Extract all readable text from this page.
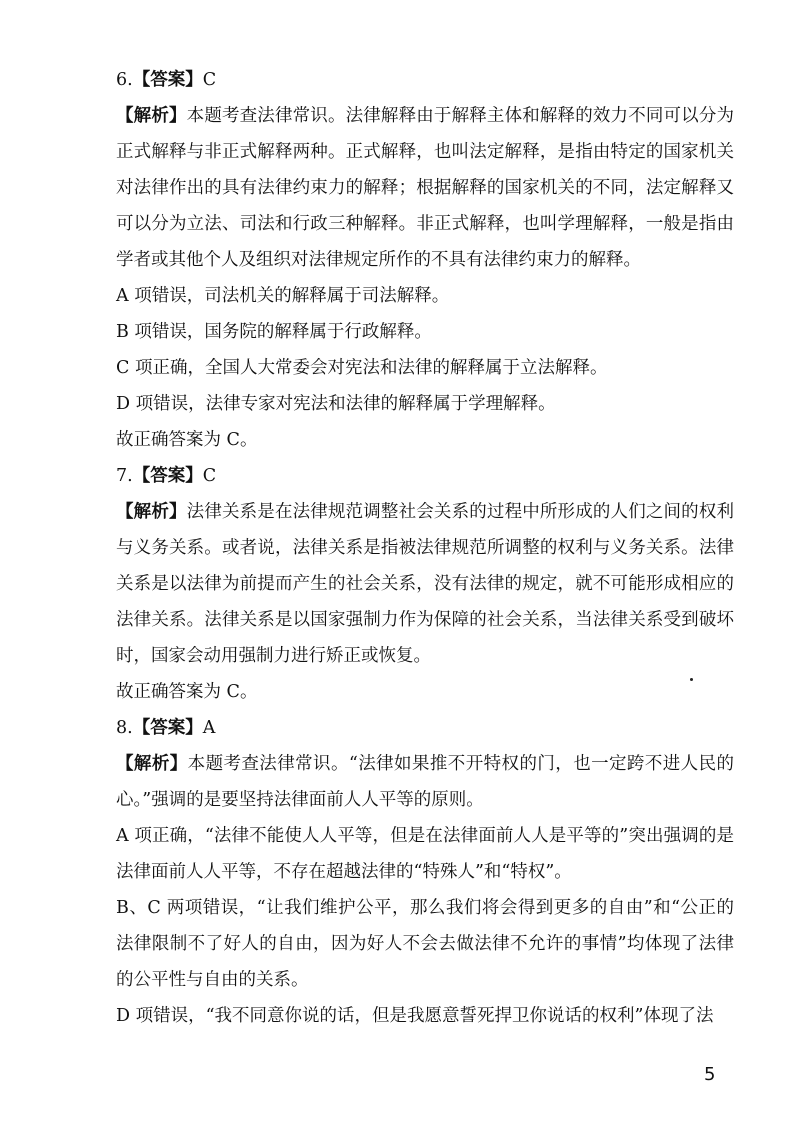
6.【答案】C

【解析】本题考查法律常识。法律解释由于解释主体和解释的效力不同可以分为正式解释与非正式解释两种。正式解释，也叫法定解释，是指由特定的国家机关对法律作出的具有法律约束力的解释；根据解释的国家机关的不同，法定解释又可以分为立法、司法和行政三种解释。非正式解释，也叫学理解释，一般是指由学者或其他个人及组织对法律规定所作的不具有法律约束力的解释。

A 项错误，司法机关的解释属于司法解释。

B 项错误，国务院的解释属于行政解释。

C 项正确，全国人大常委会对宪法和法律的解释属于立法解释。

D 项错误，法律专家对宪法和法律的解释属于学理解释。

故正确答案为 C。

7.【答案】C

【解析】法律关系是在法律规范调整社会关系的过程中所形成的人们之间的权利与义务关系。或者说，法律关系是指被法律规范所调整的权利与义务关系。法律关系是以法律为前提而产生的社会关系，没有法律的规定，就不可能形成相应的法律关系。法律关系是以国家强制力作为保障的社会关系，当法律关系受到破坏时，国家会动用强制力进行矫正或恢复。

故正确答案为 C。

8.【答案】A

【解析】本题考查法律常识。“法律如果推不开特权的门，也一定跨不进人民的心。”强调的是要坚持法律面前人人平等的原则。

A 项正确，“法律不能使人人平等，但是在法律面前人人是平等的”突出强调的是法律面前人人平等，不存在超越法律的“特殊人”和“特权”。

B、C 两项错误，“让我们维护公平，那么我们将会得到更多的自由”和“公正的法律限制不了好人的自由，因为好人不会去做法律不允许的事情”均体现了法律的公平性与自由的关系。

D 项错误，“我不同意你说的话，但是我愿意誓死捍卫你说话的权利”体现了法

5
